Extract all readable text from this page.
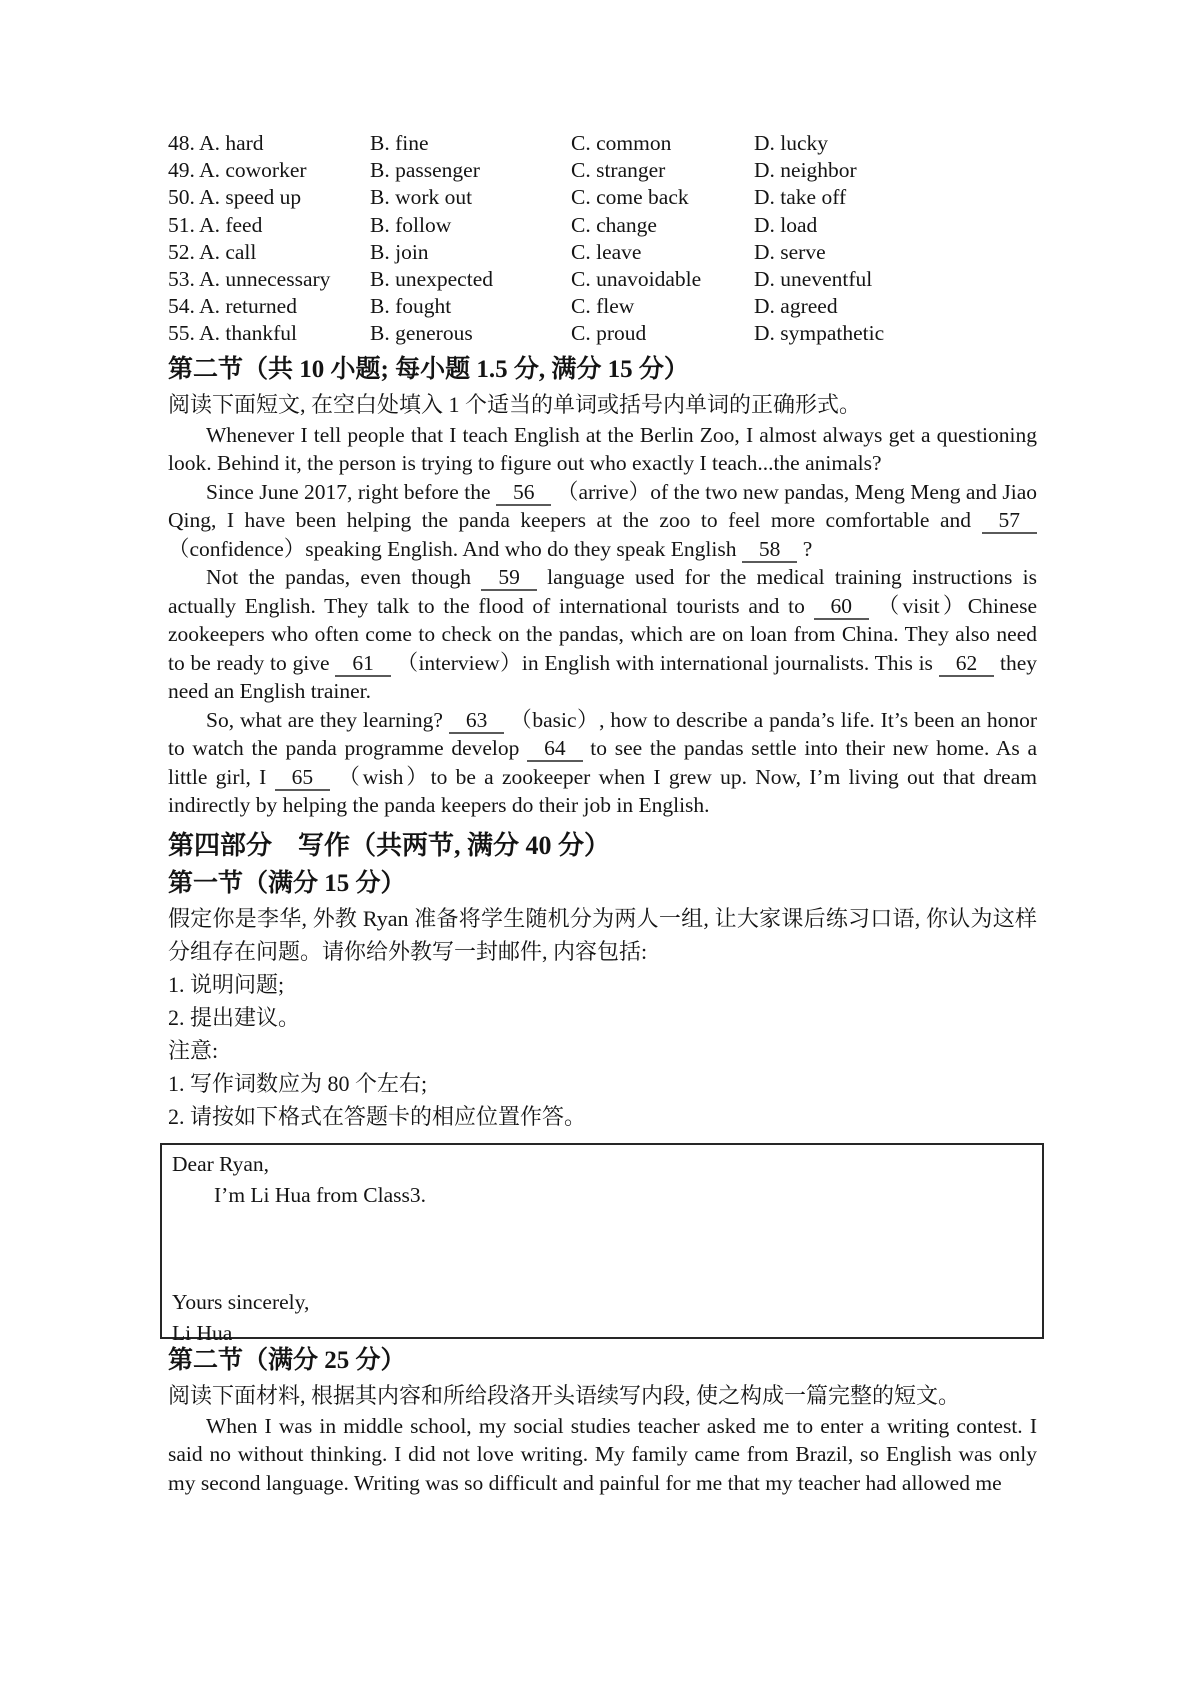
48. A. hard	B. fine	C. common	D. lucky
49. A. coworker	B. passenger	C. stranger	D. neighbor
50. A. speed up	B. work out	C. come back	D. take off
51. A. feed	B. follow	C. change	D. load
52. A. call	B. join	C. leave	D. serve
53. A. unnecessary	B. unexpected	C. unavoidable	D. uneventful
54. A. returned	B. fought	C. flew	D. agreed
55. A. thankful	B. generous	C. proud	D. sympathetic
第二节（共 10 小题; 每小题 1.5 分, 满分 15 分）
阅读下面短文, 在空白处填入 1 个适当的单词或括号内单词的正确形式。

Whenever I tell people that I teach English at the Berlin Zoo, I almost always get a questioning look. Behind it, the person is trying to figure out who exactly I teach...the animals?

Since June 2017, right before the 56 （arrive）of the two new pandas, Meng Meng and Jiao Qing, I have been helping the panda keepers at the zoo to feel more comfortable and 57 （confidence）speaking English. And who do they speak English 58 ?

Not the pandas, even though 59 language used for the medical training instructions is actually English. They talk to the flood of international tourists and to 60 （visit）Chinese zookeepers who often come to check on the pandas, which are on loan from China. They also need to be ready to give 61 （interview）in English with international journalists. This is 62 they need an English trainer.

So, what are they learning? 63 （basic）, how to describe a panda’s life. It’s been an honor to watch the panda programme develop 64 to see the pandas settle into their new home. As a little girl, I 65 （wish）to be a zookeeper when I grew up. Now, I’m living out that dream indirectly by helping the panda keepers do their job in English.

第四部分　写作（共两节, 满分 40 分）
第一节（满分 15 分）
假定你是李华, 外教 Ryan 准备将学生随机分为两人一组, 让大家课后练习口语, 你认为这样分组存在问题。请你给外教写一封邮件, 内容包括:
1. 说明问题;
2. 提出建议。
注意:
1. 写作词数应为 80 个左右;
2. 请按如下格式在答题卡的相应位置作答。
Dear Ryan,
I’m Li Hua from Class3.
Yours sincerely,
Li Hua
第二节（满分 25 分）
阅读下面材料, 根据其内容和所给段洛开头语续写内段, 使之构成一篇完整的短文。

When I was in middle school, my social studies teacher asked me to enter a writing contest. I said no without thinking. I did not love writing. My family came from Brazil, so English was only my second language. Writing was so difficult and painful for me that my teacher had allowed me
